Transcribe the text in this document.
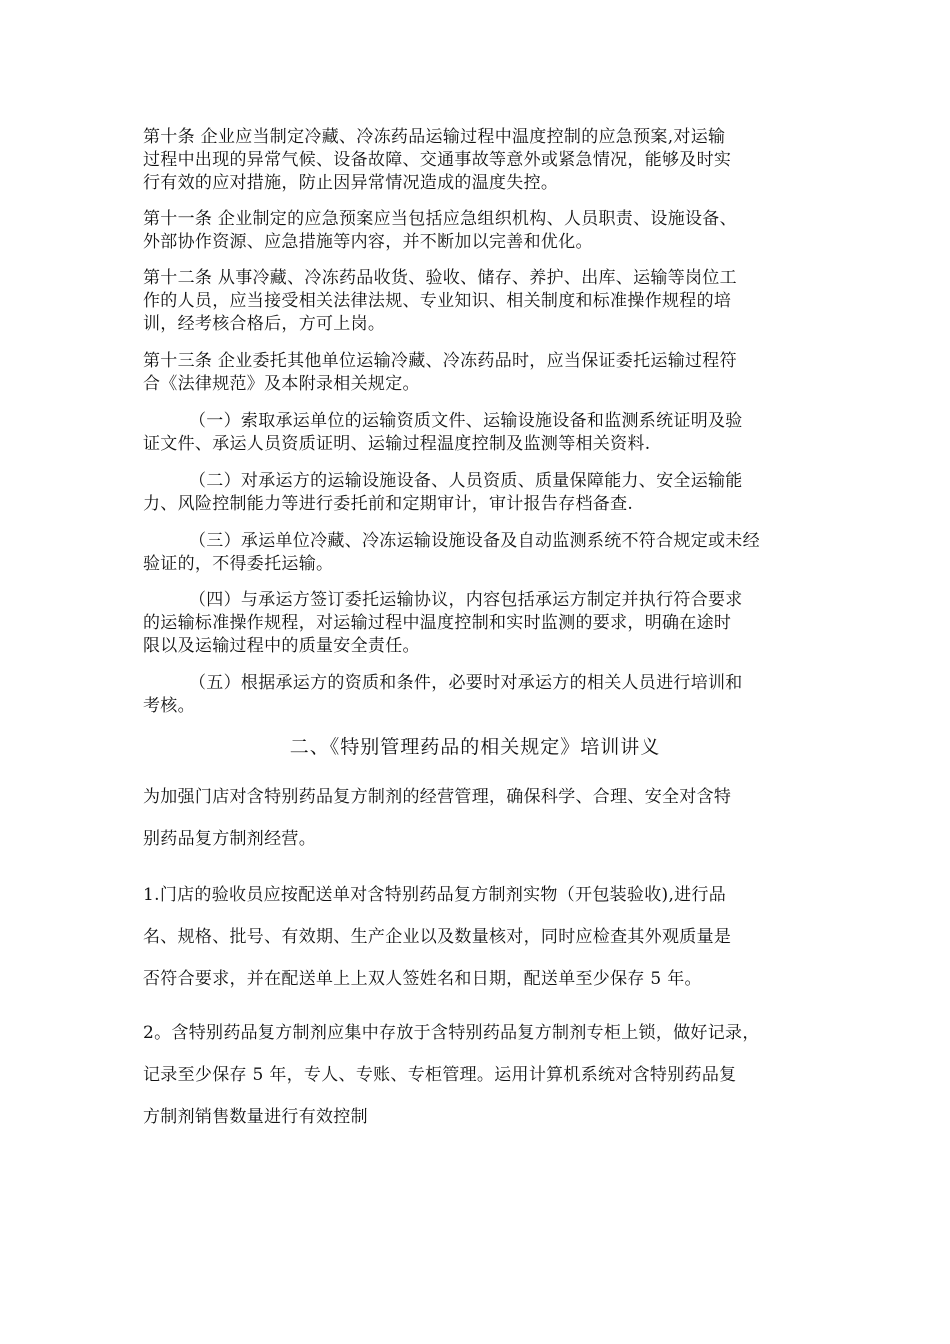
第十条 企业应当制定冷藏、冷冻药品运输过程中温度控制的应急预案,对运输
过程中出现的异常气候、设备故障、交通事故等意外或紧急情况，能够及时实
行有效的应对措施，防止因异常情况造成的温度失控。
第十一条 企业制定的应急预案应当包括应急组织机构、人员职责、设施设备、
外部协作资源、应急措施等内容，并不断加以完善和优化。
第十二条 从事冷藏、冷冻药品收货、验收、储存、养护、出库、运输等岗位工
作的人员，应当接受相关法律法规、专业知识、相关制度和标准操作规程的培
训，经考核合格后，方可上岗。
第十三条 企业委托其他单位运输冷藏、冷冻药品时，应当保证委托运输过程符
合《法律规范》及本附录相关规定。
（一）索取承运单位的运输资质文件、运输设施设备和监测系统证明及验
证文件、承运人员资质证明、运输过程温度控制及监测等相关资料.
（二）对承运方的运输设施设备、人员资质、质量保障能力、安全运输能
力、风险控制能力等进行委托前和定期审计，审计报告存档备查.
（三）承运单位冷藏、冷冻运输设施设备及自动监测系统不符合规定或未经
验证的，不得委托运输。
（四）与承运方签订委托运输协议，内容包括承运方制定并执行符合要求
的运输标准操作规程，对运输过程中温度控制和实时监测的要求，明确在途时
限以及运输过程中的质量安全责任。
（五）根据承运方的资质和条件，必要时对承运方的相关人员进行培训和
考核。
二、《特别管理药品的相关规定》培训讲义
为加强门店对含特别药品复方制剂的经营管理，确保科学、合理、安全对含特
别药品复方制剂经营。
1.门店的验收员应按配送单对含特别药品复方制剂实物（开包装验收),进行品
名、规格、批号、有效期、生产企业以及数量核对，同时应检查其外观质量是
否符合要求，并在配送单上上双人签姓名和日期，配送单至少保存 5 年。
2。含特别药品复方制剂应集中存放于含特别药品复方制剂专柜上锁，做好记录，
记录至少保存 5 年，专人、专账、专柜管理。运用计算机系统对含特别药品复
方制剂销售数量进行有效控制
